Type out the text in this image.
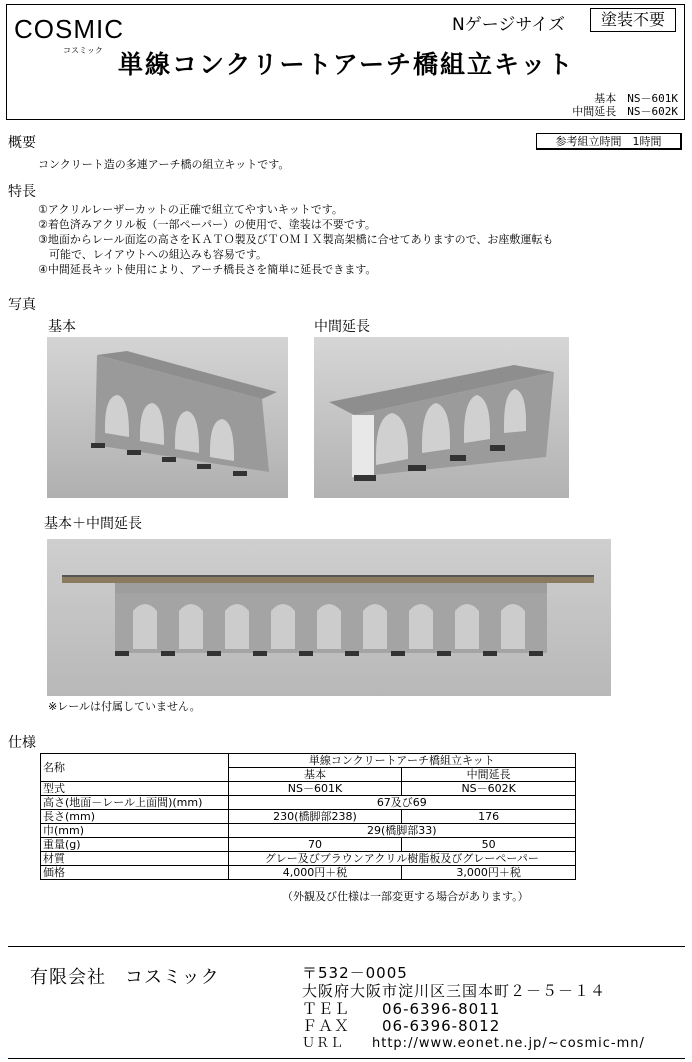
COSMIC
コスミック
Nゲージサイズ	塗装不要
単線コンクリートアーチ橋組立キット
基本　NS－601K
中間延長　NS－602K
概要	参考組立時間　1時間
コンクリート造の多連アーチ橋の組立キットです。
特長
①アクリルレーザーカットの正確で組立てやすいキットです。
②着色済みアクリル板（一部ペーパー）の使用で、塗装は不要です。
③地面からレール面迄の高さをＫＡＴＯ製及びＴＯＭＩＸ製高架橋に合せてありますので、お座敷運転も
　可能で、レイアウトへの組込みも容易です。
④中間延長キット使用により、アーチ橋長さを簡単に延長できます。
写真
基本	中間延長
基本＋中間延長
※レールは付属していません。
仕様
名称	単線コンクリートアーチ橋組立キット	
	基本	中間延長
型式	NS－601K	NS－602K
高さ(地面－レール上面間)(mm)	67及び69	
長さ(mm)	230(橋脚部238)	176
巾(mm)	29(橋脚部33)	
重量(g)	70	50
材質	グレー及びブラウンアクリル樹脂板及びグレーペーパー	
価格	4,000円＋税	3,000円＋税
（外観及び仕様は一部変更する場合があります。）
有限会社　コスミック	〒532－0005
大阪府大阪市淀川区三国本町２－５－１４
ＴＥＬ　　06-6396-8011
ＦＡＸ　　06-6396-8012
ＵＲＬ　　http://www.eonet.ne.jp/~cosmic-mn/
